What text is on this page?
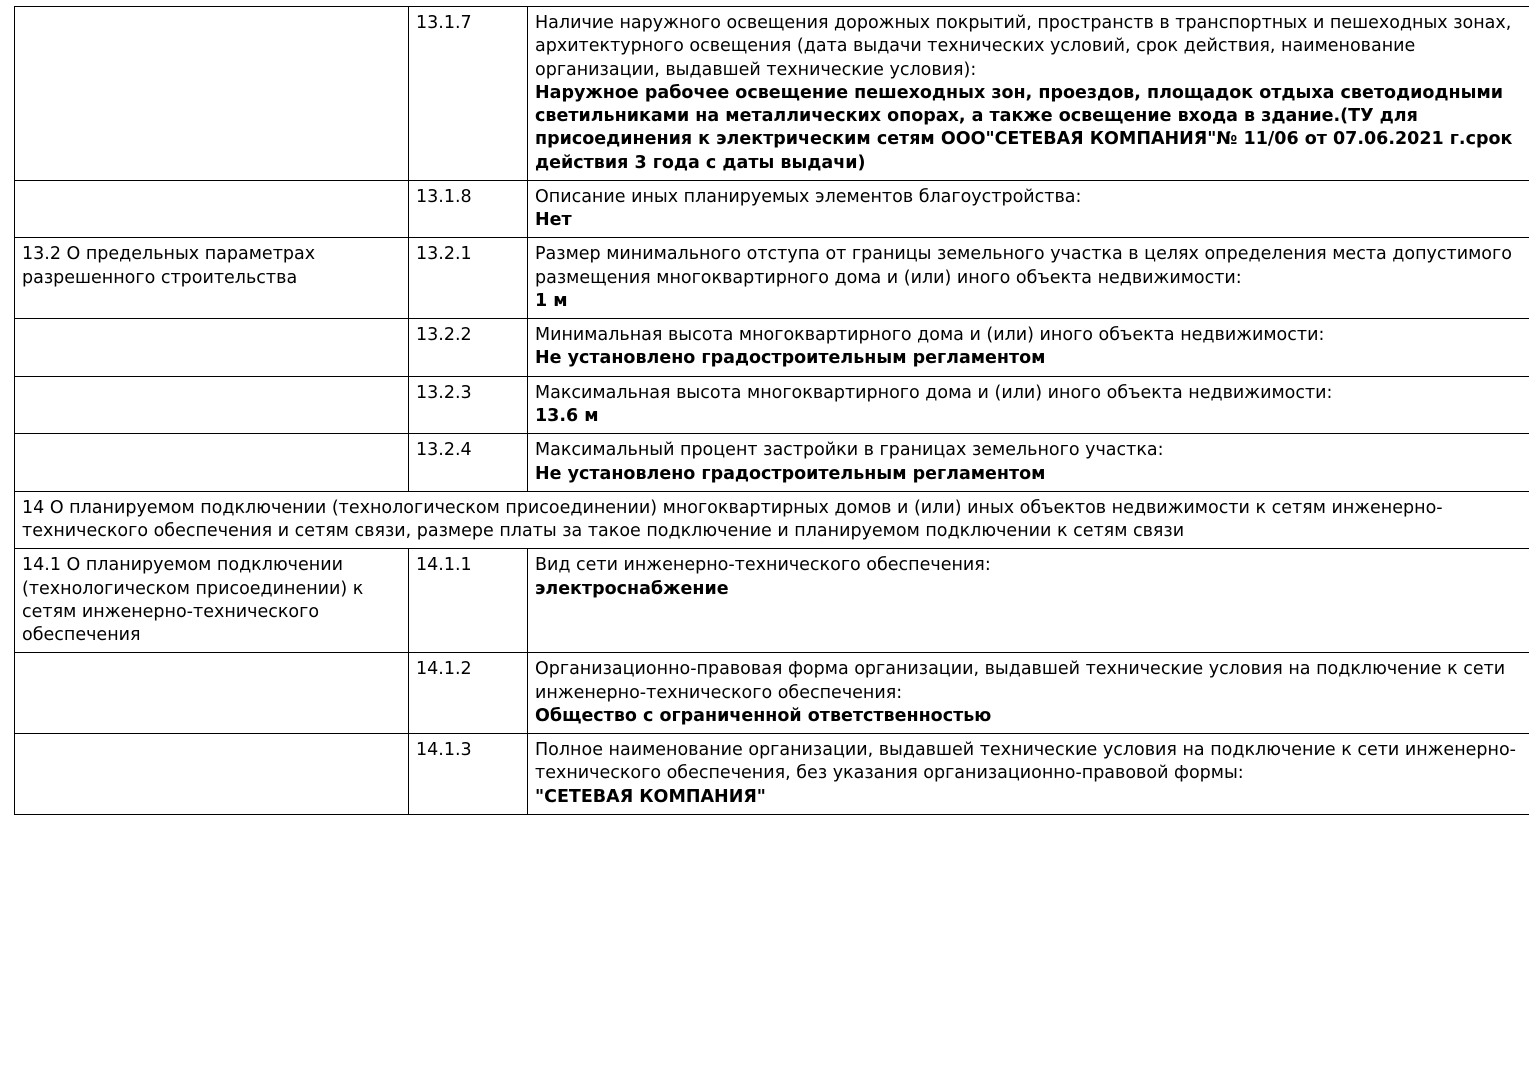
	13.1.7	Наличие наружного освещения дорожных покрытий, пространств в транспортных и пешеходных зонах, архитектурного освещения (дата выдачи технических условий, срок действия, наименование организации, выдавшей технические условия):
Наружное рабочее освещение пешеходных зон, проездов, площадок отдыха светодиодными светильниками на металлических опорах, а также освещение входа в здание.(ТУ для присоединения к электрическим сетям ООО"СЕТЕВАЯ КОМПАНИЯ"№ 11/06 от 07.06.2021 г.срок действия 3 года с даты выдачи)

	13.1.8	Описание иных планируемых элементов благоустройства:
Нет

13.2 О предельных параметрах разрешенного строительства	13.2.1	Размер минимального отступа от границы земельного участка в целях определения места допустимого размещения многоквартирного дома и (или) иного объекта недвижимости:
1 м

	13.2.2	Минимальная высота многоквартирного дома и (или) иного объекта недвижимости:
Не установлено градостроительным регламентом

	13.2.3	Максимальная высота многоквартирного дома и (или) иного объекта недвижимости:
13.6 м

	13.2.4	Максимальный процент застройки в границах земельного участка:
Не установлено градостроительным регламентом

14 О планируемом подключении (технологическом присоединении) многоквартирных домов и (или) иных объектов недвижимости к сетям инженерно-технического обеспечения и сетям связи, размере платы за такое подключение и планируемом подключении к сетям связи		
14.1 О планируемом подключении (технологическом присоединении) к сетям инженерно-технического обеспечения	14.1.1	Вид сети инженерно-технического обеспечения:
электроснабжение

	14.1.2	Организационно-правовая форма организации, выдавшей технические условия на подключение к сети инженерно-технического обеспечения:
Общество с ограниченной ответственностью

	14.1.3	Полное наименование организации, выдавшей технические условия на подключение к сети инженерно-технического обеспечения, без указания организационно-правовой формы:
"СЕТЕВАЯ КОМПАНИЯ"
